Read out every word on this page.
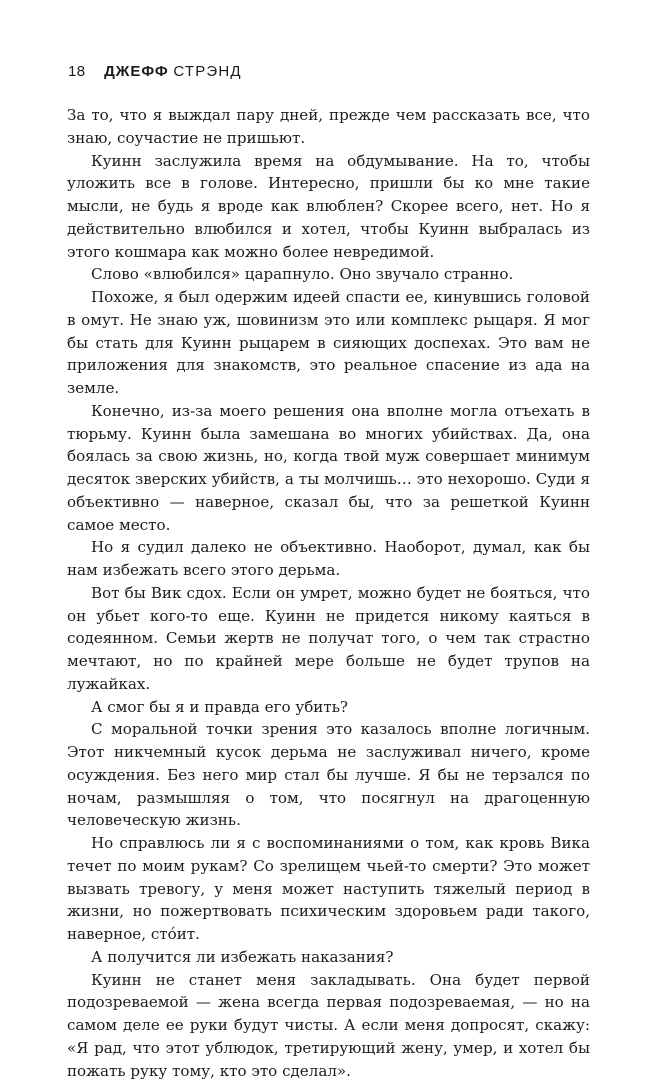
18 ДЖЕФФ СТРЭНД

За то, что я выждал пару дней, прежде чем рассказать все, что знаю, соучастие не пришьют.

Куинн заслужила время на обдумывание. На то, чтобы уложить все в голове. Интересно, пришли бы ко мне такие мысли, не будь я вроде как влюблен? Скорее всего, нет. Но я действительно влюбился и хотел, чтобы Куинн выбралась из этого кошмара как можно более невредимой.

Слово «влюбился» царапнуло. Оно звучало странно.

Похоже, я был одержим идеей спасти ее, кинувшись головой в омут. Не знаю уж, шовинизм это или комплекс рыцаря. Я мог бы стать для Куинн рыцарем в сияющих доспехах. Это вам не приложения для знакомств, это реальное спасение из ада на земле.

Конечно, из-за моего решения она вполне могла отъехать в тюрьму. Куинн была замешана во многих убийствах. Да, она боялась за свою жизнь, но, когда твой муж совершает минимум десяток зверских убийств, а ты молчишь… это нехорошо. Суди я объективно — наверное, сказал бы, что за решеткой Куинн самое место.

Но я судил далеко не объективно. Наоборот, думал, как бы нам избежать всего этого дерьма.

Вот бы Вик сдох. Если он умрет, можно будет не бояться, что он убьет кого-то еще. Куинн не придется никому каяться в содеянном. Семьи жертв не получат того, о чем так страстно мечтают, но по крайней мере больше не будет трупов на лужайках.

А смог бы я и правда его убить?

С моральной точки зрения это казалось вполне логичным. Этот никчемный кусок дерьма не заслуживал ничего, кроме осуждения. Без него мир стал бы лучше. Я бы не терзался по ночам, размышляя о том, что посягнул на драгоценную человеческую жизнь.

Но справлюсь ли я с воспоминаниями о том, как кровь Вика течет по моим рукам? Со зрелищем чьей-то смерти? Это может вызвать тревогу, у меня может наступить тяжелый период в жизни, но пожертвовать психическим здоровьем ради такого, наверное, сто́ит.

А получится ли избежать наказания?

Куинн не станет меня закладывать. Она будет первой подозреваемой — жена всегда первая подозреваемая, — но на самом деле ее руки будут чисты. А если меня допросят, скажу: «Я рад, что этот ублюдок, третирующий жену, умер, и хотел бы пожать руку тому, кто это сделал».
